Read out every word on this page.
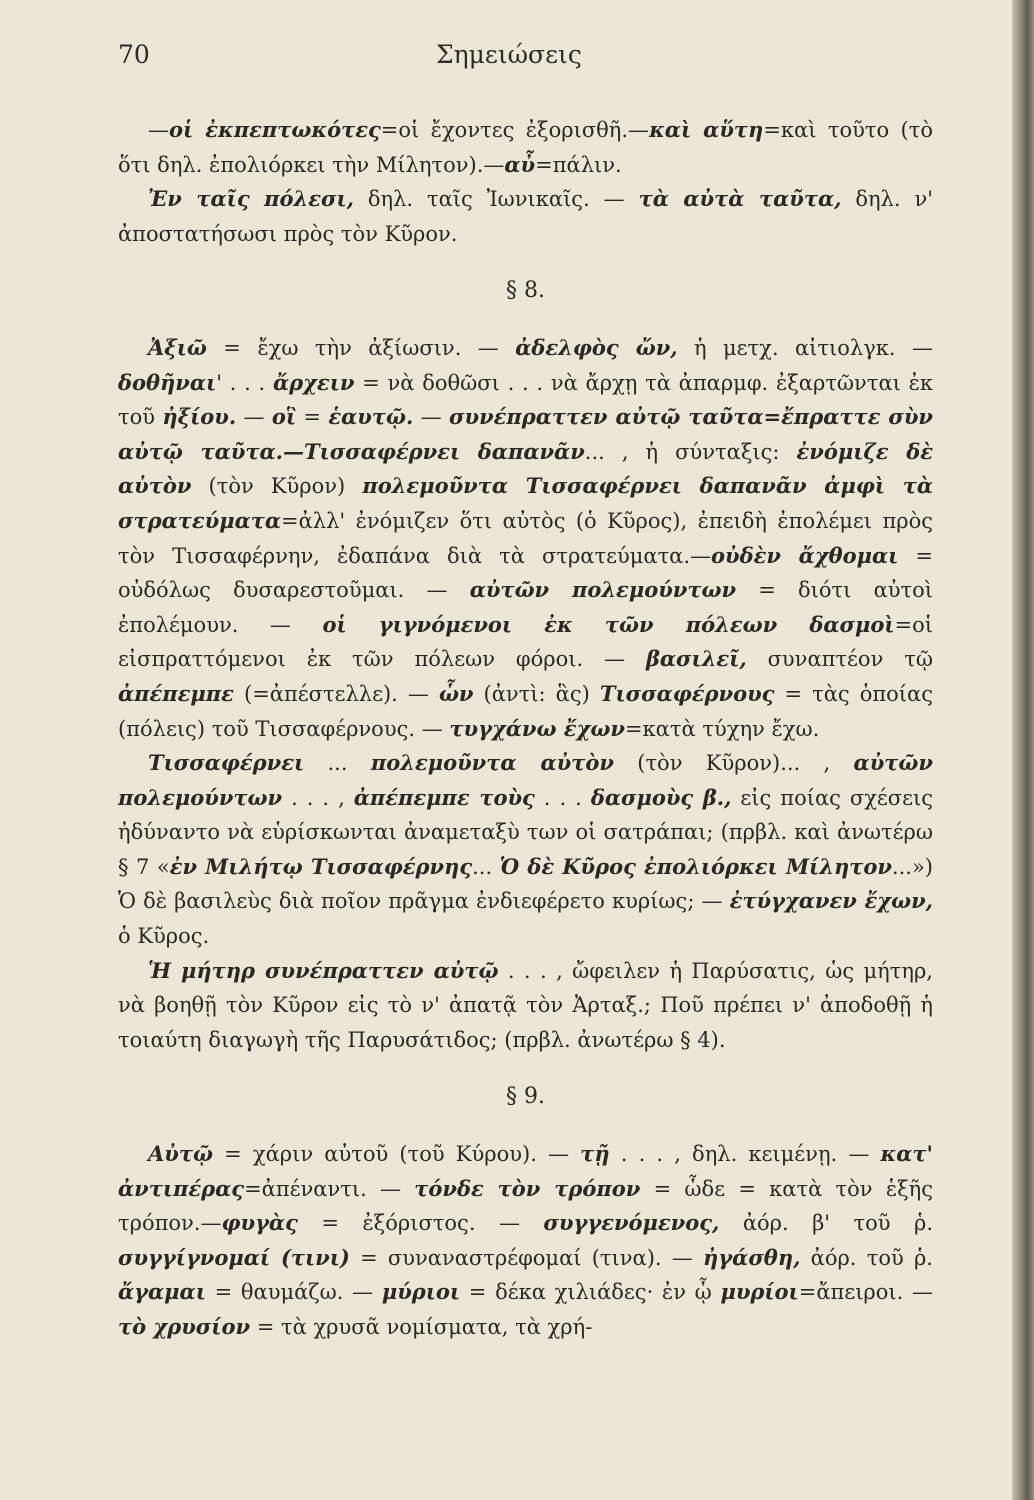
70	Σημειώσεις

—οἱ ἐκπεπτωκότες=οἱ ἔχοντες ἐξορισθῆ.—καὶ αὕτη=καὶ τοῦτο (τὸ ὅτι δηλ. ἐπολιόρκει τὴν Μίλητον).—αὖ=πάλιν.

Ἐν ταῖς πόλεσι, δηλ. ταῖς Ἰωνικαῖς. — τὰ αὐτὰ ταῦτα, δηλ. ν' ἀποστατήσωσι πρὸς τὸν Κῦρον.

§ 8.

Ἀξιῶ = ἔχω τὴν ἀξίωσιν. — ἀδελφὸς ὤν, ἡ μετχ. αἰτιολγκ. — δοθῆναι' . . . ἄρχειν = νὰ δοθῶσι . . . νὰ ἄρχῃ τὰ ἀπαρμφ. ἐξαρτῶνται ἐκ τοῦ ἠξίου. — οἳ = ἑαυτῷ. — συνέπραττεν αὐτῷ ταῦτα=ἔπραττε σὺν αὐτῷ ταῦτα.—Τισσαφέρνει δαπανᾶν... , ἡ σύνταξις: ἐνόμιζε δὲ αὐτὸν (τὸν Κῦρον) πολεμοῦντα Τισσαφέρνει δαπανᾶν ἀμφὶ τὰ στρατεύματα=ἀλλ' ἐνόμιζεν ὅτι αὐτὸς (ὁ Κῦρος), ἐπειδὴ ἐπολέμει πρὸς τὸν Τισσαφέρνην, ἐδαπάνα διὰ τὰ στρατεύματα.—οὐδὲν ἄχθομαι = οὐδόλως δυσαρεστοῦμαι. — αὐτῶν πολεμούντων = διότι αὐτοὶ ἐπολέμουν. — οἱ γιγνόμενοι ἐκ τῶν πόλεων δασμοὶ=οἱ εἰσπραττόμενοι ἐκ τῶν πόλεων φόροι. — βασιλεῖ, συναπτέον τῷ ἀπέπεμπε (=ἀπέστελλε). — ὧν (ἀντὶ: ἃς) Τισσαφέρνους = τὰς ὁποίας (πόλεις) τοῦ Τισσαφέρνους. — τυγχάνω ἔχων=κατὰ τύχην ἔχω.

Τισσαφέρνει ... πολεμοῦντα αὐτὸν (τὸν Κῦρον)... , αὐτῶν πολεμούντων . . . , ἀπέπεμπε τοὺς . . . δασμοὺς β., εἰς ποίας σχέσεις ἠδύναντο νὰ εὑρίσκωνται ἀναμεταξὺ των οἱ σατράπαι; (πρβλ. καὶ ἀνωτέρω § 7 «ἐν Μιλήτῳ Τισσαφέρνης... Ὁ δὲ Κῦρος ἐπολιόρκει Μίλητον...») Ὁ δὲ βασιλεὺς διὰ ποῖον πρᾶγμα ἐνδιεφέρετο κυρίως; — ἐτύγχανεν ἔχων, ὁ Κῦρος.

Ἡ μήτηρ συνέπραττεν αὐτῷ . . . , ὤφειλεν ἡ Παρύσατις, ὡς μήτηρ, νὰ βοηθῇ τὸν Κῦρον εἰς τὸ ν' ἀπατᾷ τὸν Ἀρταξ.; Ποῦ πρέπει ν' ἀποδοθῇ ἡ τοιαύτη διαγωγὴ τῆς Παρυσάτιδος; (πρβλ. ἀνωτέρω § 4).

§ 9.

Αὐτῷ = χάριν αὐτοῦ (τοῦ Κύρου). — τῇ . . . , δηλ. κειμένῃ. — κατ' ἀντιπέρας=ἀπέναντι. — τόνδε τὸν τρόπον = ὧδε = κατὰ τὸν ἑξῆς τρόπον.—φυγὰς = ἐξόριστος. — συγγενόμενος, ἀόρ. β' τοῦ ῥ. συγγίγνομαί (τινι) = συναναστρέφομαί (τινα). — ἠγάσθη, ἀόρ. τοῦ ῥ. ἄγαμαι = θαυμάζω. — μύριοι = δέκα χιλιάδες· ἐν ᾧ μυρίοι=ἄπειροι. — τὸ χρυσίον = τὰ χρυσᾶ νομίσματα, τὰ χρή-
